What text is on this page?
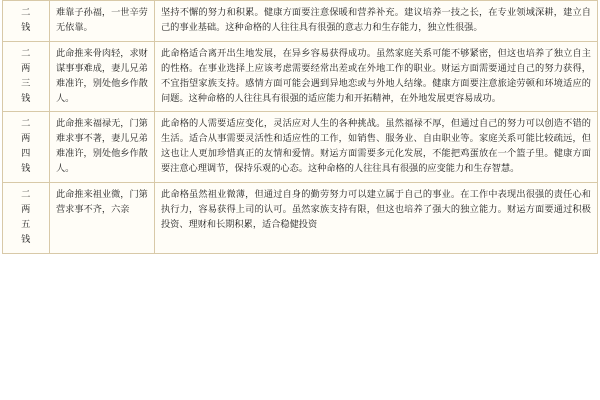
二
钱	难靠子孙福，一世辛劳无依靠。	坚持不懈的努力和积累。健康方面要注意保暖和营养补充。建议培养一技之长，在专业领域深耕，建立自己的事业基础。这种命格的人往往具有很强的意志力和生存能力，独立性很强。

二
两
三
钱	此命推来骨肉轻，求财谋事事难成，妻儿兄弟难准许，别处他乡作散人。	此命格适合离开出生地发展，在异乡容易获得成功。虽然家庭关系可能不够紧密，但这也培养了独立自主的性格。在事业选择上应该考虑需要经常出差或在外地工作的职业。财运方面需要通过自己的努力获得，不宜指望家族支持。感情方面可能会遇到异地恋或与外地人结缘。健康方面要注意旅途劳顿和环境适应的问题。这种命格的人往往具有很强的适应能力和开拓精神，在外地发展更容易成功。

二
两
四
钱	此命推来福禄无，门第难求事不著，妻儿兄弟难准许，别处他乡作散人。	此命格的人需要适应变化，灵活应对人生的各种挑战。虽然福禄不厚，但通过自己的努力可以创造不错的生活。适合从事需要灵活性和适应性的工作，如销售、服务业、自由职业等。家庭关系可能比较疏远，但这也让人更加珍惜真正的友情和爱情。财运方面需要多元化发展，不能把鸡蛋放在一个篮子里。健康方面要注意心理调节，保持乐观的心态。这种命格的人往往具有很强的应变能力和生存智慧。

二
两
五
钱	此命推来祖业微，门第营求事不齐，六亲	此命格虽然祖业微薄，但通过自身的勤劳努力可以建立属于自己的事业。在工作中表现出很强的责任心和执行力，容易获得上司的认可。虽然家族支持有限，但这也培养了强大的独立能力。财运方面要通过积极投资、理财和长期积累，适合稳健投资
